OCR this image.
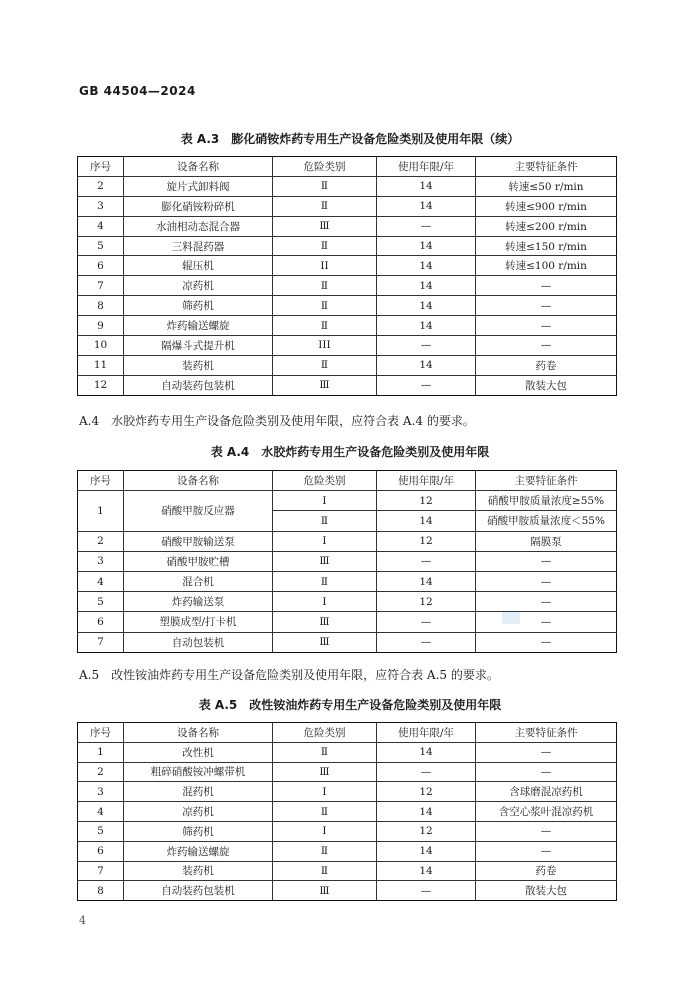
GB 44504—2024
表 A.3　膨化硝铵炸药专用生产设备危险类别及使用年限（续）
序号	设备名称	危险类别	使用年限/年	主要特征条件
2	旋片式卸料阀	Ⅱ	14	转速≤50 r/min
3	膨化硝铵粉碎机	Ⅱ	14	转速≤900 r/min
4	水油相动态混合器	Ⅲ	—	转速≤200 r/min
5	三料混药器	Ⅱ	14	转速≤150 r/min
6	辊压机	II	14	转速≤100 r/min
7	凉药机	Ⅱ	14	—
8	筛药机	Ⅱ	14	—
9	炸药输送螺旋	Ⅱ	14	—
10	隔爆斗式提升机	III	—	—
11	装药机	Ⅱ	14	药卷
12	自动装药包装机	Ⅲ	—	散装大包
A.4　水胶炸药专用生产设备危险类别及使用年限，应符合表 A.4 的要求。
表 A.4　水胶炸药专用生产设备危险类别及使用年限
序号	设备名称	危险类别	使用年限/年	主要特征条件
1	硝酸甲胺反应器	Ⅰ	12	硝酸甲胺质量浓度≥55%
		Ⅱ	14	硝酸甲胺质量浓度＜55%
2	硝酸甲胺输送泵	Ⅰ	12	隔膜泵
3	硝酸甲胺贮槽	Ⅲ	—	—
4	混合机	Ⅱ	14	—
5	炸药输送泵	I	12	—
6	塑膜成型/打卡机	Ⅲ	—	—
7	自动包装机	Ⅲ	—	—
A.5　改性铵油炸药专用生产设备危险类别及使用年限，应符合表 A.5 的要求。
表 A.5　改性铵油炸药专用生产设备危险类别及使用年限
序号	设备名称	危险类别	使用年限/年	主要特征条件
1	改性机	Ⅱ	14	—
2	粗碎硝酸铵冲螺带机	Ⅲ	—	—
3	混药机	Ⅰ	12	含球磨混凉药机
4	凉药机	Ⅱ	14	含空心浆叶混凉药机
5	筛药机	I	12	—
6	炸药输送螺旋	Ⅱ	14	—
7	装药机	Ⅱ	14	药卷
8	自动装药包装机	Ⅲ	—	散装大包
4
